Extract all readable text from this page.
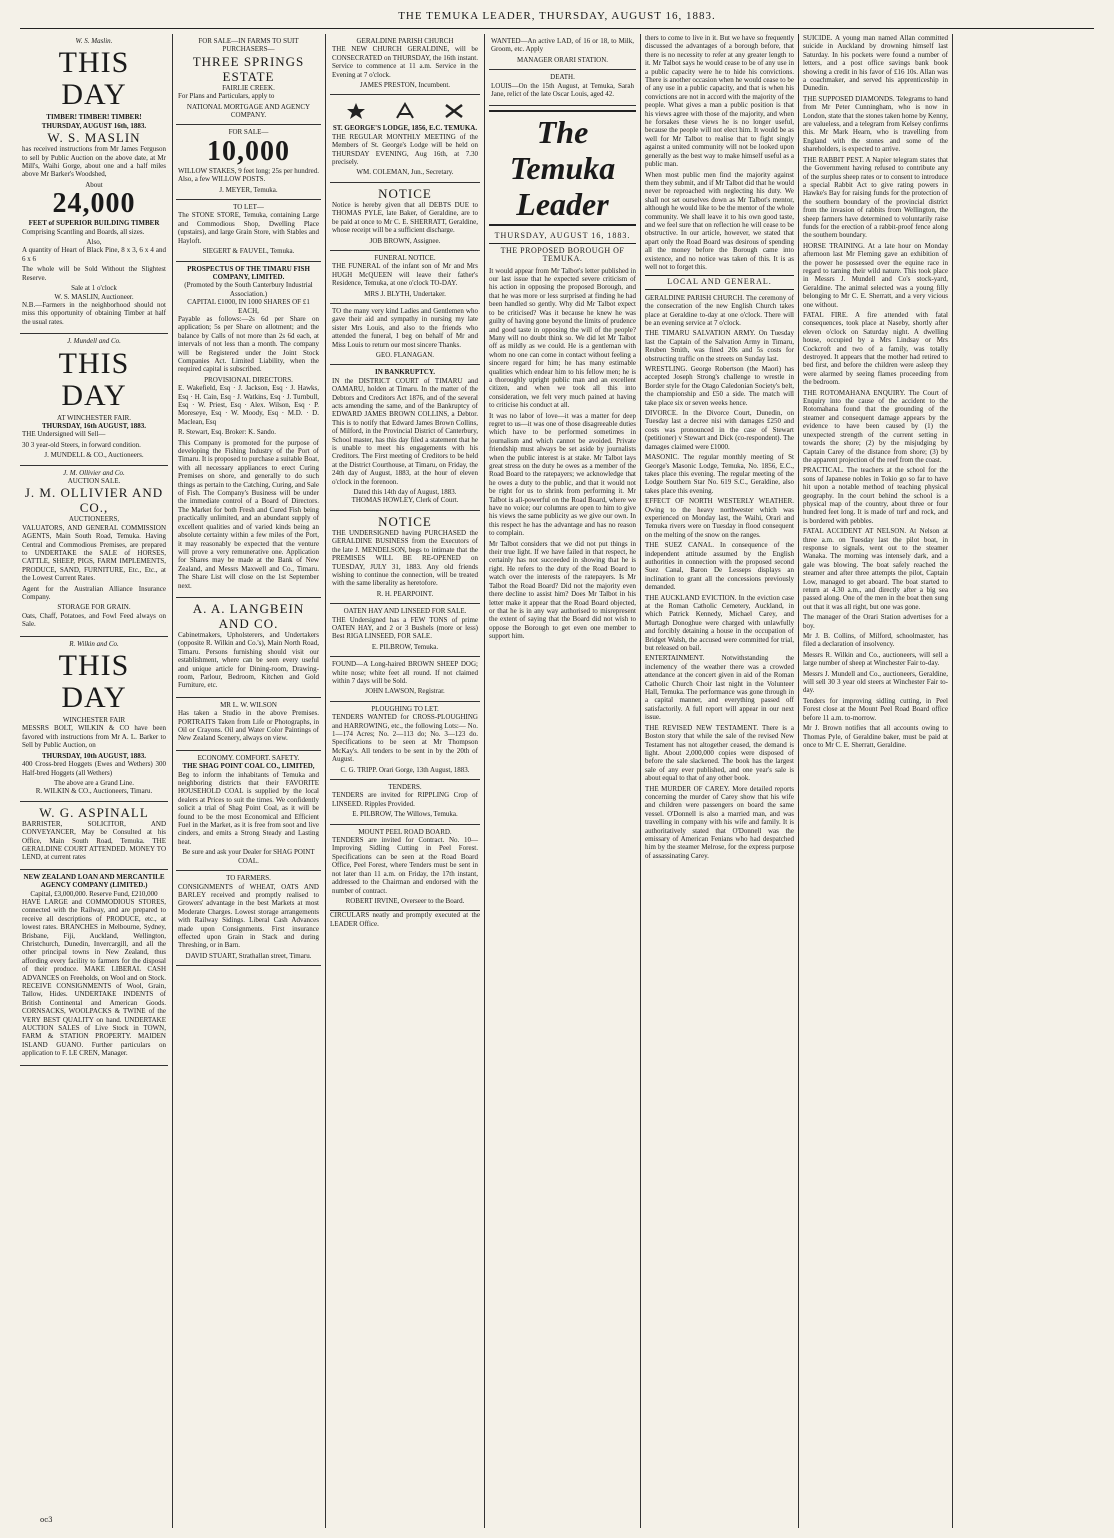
THE TEMUKA LEADER, THURSDAY, AUGUST 16, 1883.
W. S. Maslin.
THIS DAY
TIMBER! TIMBER! TIMBER!
THURSDAY, AUGUST 16th, 1883.
W. S. MASLIN

has received instructions from Mr James Ferguson to sell by Public Auction on the above date, at Mr Mill's, Waihi Gorge, about one and a half miles above Mr Barker's Woodshed,

About
24,000
FEET of SUPERIOR BUILDING TIMBER

Comprising Scantling and Boards, all sizes.

Also,

A quantity of Heart of Black Pine, 8 x 3, 6 x 4 and 6 x 6

The whole will be Sold Without the Slightest Reserve.

Sale at 1 o'clock
W. S. MASLIN, Auctioneer.

N.B.—Farmers in the neighborhood should not miss this opportunity of obtaining Timber at half the usual rates.

J. Mundell and Co.
THIS DAY
AT WINCHESTER FAIR.
THURSDAY, 16th AUGUST, 1883.

THE Undersigned will Sell—

30 3 year-old Steers, in forward condition.

J. MUNDELL & CO., Auctioneers.
J. M. Ollivier and Co.
AUCTION SALE.
J. M. OLLIVIER AND CO.,
AUCTIONEERS,

VALUATORS, AND GENERAL COMMISSION AGENTS, Main South Road, Temuka. Having Central and Commodious Premises, are prepared to UNDERTAKE the SALE of HORSES, CATTLE, SHEEP, PIGS, FARM IMPLEMENTS, PRODUCE, SAND, FURNITURE, Etc., Etc., at the Lowest Current Rates.

Agent for the Australian Alliance Insurance Company.

STORAGE FOR GRAIN.

Oats, Chaff, Potatoes, and Fowl Feed always on Sale.

R. Wilkin and Co.
THIS DAY
WINCHESTER FAIR

MESSRS BOLT, WILKIN & CO have been favored with instructions from Mr A. L. Barker to Sell by Public Auction, on

THURSDAY, 10th AUGUST, 1883.

400 Cross-bred Hoggets (Ewes and Wethers) 300 Half-bred Hoggets (all Wethers)

The above are a Grand Line.
R. WILKIN & CO., Auctioneers, Timaru.
W. G. ASPINALL

BARRISTER, SOLICITOR, AND CONVEYANCER, May be Consulted at his Office, Main South Road, Temuka. THE GERALDINE COURT ATTENDED. MONEY TO LEND, at current rates

NEW ZEALAND LOAN AND MERCANTILE AGENCY COMPANY (LIMITED.)
Capital, £3,000,000. Reserve Fund, £210,000

HAVE LARGE and COMMODIOUS STORES, connected with the Railway, and are prepared to receive all descriptions of PRODUCE, etc., at lowest rates. BRANCHES in Melbourne, Sydney, Brisbane, Fiji, Auckland, Wellington, Christchurch, Dunedin, Invercargill, and all the other principal towns in New Zealand, thus affording every facility to farmers for the disposal of their produce. MAKE LIBERAL CASH ADVANCES on Freeholds, on Wool and on Stock. RECEIVE CONSIGNMENTS of Wool, Grain, Tallow, Hides. UNDERTAKE INDENTS of British Continental and American Goods. CORNSACKS, WOOLPACKS & TWINE of the VERY BEST QUALITY on hand. UNDERTAKE AUCTION SALES of Live Stock in TOWN, FARM & STATION PROPERTY. MAIDEN ISLAND GUANO. Further particulars on application to F. LE CREN, Manager.

FOR SALE—IN FARMS TO SUIT PURCHASERS—
THREE SPRINGS ESTATE
FAIRLIE CREEK.

For Plans and Particulars, apply to

NATIONAL MORTGAGE AND AGENCY COMPANY.
FOR SALE—
10,000

WILLOW STAKES, 9 feet long; 25s per hundred. Also, a few WILLOW POSTS.

J. MEYER, Temuka.
TO LET—

The STONE STORE, Temuka, containing Large and Commodious Shop, Dwelling Place (upstairs), and large Grain Store, with Stables and Hayloft.

SIEGERT & FAUVEL, Temuka.
PROSPECTUS OF THE TIMARU FISH COMPANY, LIMITED.
(Promoted by the South Canterbury Industrial Association.)
CAPITAL £1000, IN 1000 SHARES OF £1 EACH,

Payable as follows:—2s 6d per Share on application; 5s per Share on allotment; and the balance by Calls of not more than 2s 6d each, at intervals of not less than a month. The company will be Registered under the Joint Stock Companies Act. Limited Liability, when the required capital is subscribed.

PROVISIONAL DIRECTORS.

E. Wakefield, Esq · J. Jackson, Esq · J. Hawks, Esq · H. Cain, Esq · J. Watkins, Esq · J. Turnbull, Esq · W. Priest, Esq · Alex. Wilson, Esq · P. Moreseye, Esq · W. Moody, Esq · M.D. · D. Maclean, Esq

R. Stewart, Esq. Broker: K. Sando.

This Company is promoted for the purpose of developing the Fishing Industry of the Port of Timaru. It is proposed to purchase a suitable Boat, with all necessary appliances to erect Curing Premises on shore, and generally to do such things as pertain to the Catching, Curing, and Sale of Fish. The Company's Business will be under the immediate control of a Board of Directors. The Market for both Fresh and Cured Fish being practically unlimited, and an abundant supply of excellent qualities and of varied kinds being an absolute certainty within a few miles of the Port, it may reasonably be expected that the venture will prove a very remunerative one. Application for Shares may be made at the Bank of New Zealand, and Messrs Maxwell and Co., Timaru. The Share List will close on the 1st September next.

A. A. LANGBEIN AND CO.

Cabinetmakers, Upholsterers, and Undertakers (opposite R. Wilkin and Co.'s), Main North Road, Timaru. Persons furnishing should visit our establishment, where can be seen every useful and unique article for Dining-room, Drawing-room, Parlour, Bedroom, Kitchen and Gold Furniture, etc.

MR L. W. WILSON

Has taken a Studio in the above Premises. PORTRAITS Taken from Life or Photographs, in Oil or Crayons. Oil and Water Color Paintings of New Zealand Scenery, always on view.

ECONOMY. COMFORT. SAFETY.
THE SHAG POINT COAL CO., LIMITED,

Beg to inform the inhabitants of Temuka and neighboring districts that their FAVORITE HOUSEHOLD COAL is supplied by the local dealers at Prices to suit the times. We confidently solicit a trial of Shag Point Coal, as it will be found to be the most Economical and Efficient Fuel in the Market, as it is free from soot and live cinders, and emits a Strong Steady and Lasting heat.

Be sure and ask your Dealer for SHAG POINT COAL.
TO FARMERS.

CONSIGNMENTS of WHEAT, OATS AND BARLEY received and promptly realised to Growers' advantage in the best Markets at most Moderate Charges. Lowest storage arrangements with Railway Sidings. Liberal Cash Advances made upon Consignments. First insurance effected upon Grain in Stack and during Threshing, or in Barn.

DAVID STUART, Strathallan street, Timaru.
GERALDINE PARISH CHURCH

THE NEW CHURCH GERALDINE, will be CONSECRATED on THURSDAY, the 16th instant. Service to commence at 11 a.m. Service in the Evening at 7 o'clock.

JAMES PRESTON, Incumbent.
ST. GEORGE'S LODGE, 1856, E.C. TEMUKA.

THE REGULAR MONTHLY MEETING of the Members of St. George's Lodge will be held on THURSDAY EVENING, Aug 16th, at 7.30 precisely.

WM. COLEMAN, Jun., Secretary.
NOTICE

Notice is hereby given that all DEBTS DUE to THOMAS PYLE, late Baker, of Geraldine, are to be paid at once to Mr C. E. SHERRATT, Geraldine, whose receipt will be a sufficient discharge.

JOB BROWN, Assignee.
FUNERAL NOTICE.

THE FUNERAL of the infant son of Mr and Mrs HUGH McQUEEN will leave their father's Residence, Temuka, at one o'clock TO-DAY.

MRS J. BLYTH, Undertaker.

TO the many very kind Ladies and Gentlemen who gave their aid and sympathy in nursing my late sister Mrs Louis, and also to the friends who attended the funeral, I beg on behalf of Mr and Miss Louis to return our most sincere Thanks.

GEO. FLANAGAN.
IN BANKRUPTCY.

IN the DISTRICT COURT of TIMARU and OAMARU, holden at Timaru. In the matter of the Debtors and Creditors Act 1876, and of the several acts amending the same, and of the Bankruptcy of EDWARD JAMES BROWN COLLINS, a Debtor. This is to notify that Edward James Brown Collins, of Milford, in the Provincial District of Canterbury, School master, has this day filed a statement that he is unable to meet his engagements with his Creditors. The First meeting of Creditors to be held at the District Courthouse, at Timaru, on Friday, the 24th day of August, 1883, at the hour of eleven o'clock in the forenoon.

Dated this 14th day of August, 1883.
THOMAS HOWLEY, Clerk of Court.
NOTICE

THE UNDERSIGNED having PURCHASED the GERALDINE BUSINESS from the Executors of the late J. MENDELSON, begs to intimate that the PREMISES WILL BE RE-OPENED on TUESDAY, JULY 31, 1883. Any old friends wishing to continue the connection, will be treated with the same liberality as heretofore.

R. H. PEARPOINT.
OATEN HAY AND LINSEED FOR SALE.

THE Undersigned has a FEW TONS of prime OATEN HAY, and 2 or 3 Bushels (more or less) Best RIGA LINSEED, FOR SALE.

E. PILBROW, Temuka.

FOUND—A Long-haired BROWN SHEEP DOG; white nose; white feet all round. If not claimed within 7 days will be Sold.

JOHN LAWSON, Registrar.
PLOUGHING TO LET.

TENDERS WANTED for CROSS-PLOUGHING and HARROWING, etc., the following Lots:— No. 1—174 Acres; No. 2—113 do; No. 3—123 do. Specifications to be seen at Mr Thompson McKay's. All tenders to be sent in by the 20th of August.

C. G. TRIPP. Orari Gorge, 13th August, 1883.
TENDERS.

TENDERS are invited for RIPPLING Crop of LINSEED. Ripples Provided.

E. PILBROW, The Willows, Temuka.
MOUNT PEEL ROAD BOARD.

TENDERS are invited for Contract. No. 10—Improving Sidling Cutting in Peel Forest. Specifications can be seen at the Road Board Office, Peel Forest, where Tenders must be sent in not later than 11 a.m. on Friday, the 17th instant, addressed to the Chairman and endorsed with the number of contract.

ROBERT IRVINE, Overseer to the Board.

CIRCULARS neatly and promptly executed at the LEADER Office.

WANTED—An active LAD, of 16 or 18, to Milk, Groom, etc. Apply

MANAGER ORARI STATION.
DEATH.

LOUIS—On the 15th August, at Temuka, Sarah Jane, relict of the late Oscar Louis, aged 42.

The Temuka Leader
THURSDAY, AUGUST 16, 1883.
THE PROPOSED BOROUGH OF TEMUKA.

It would appear from Mr Talbot's letter published in our last issue that he expected severe criticism of his action in opposing the proposed Borough, and that he was more or less surprised at finding he had been handled so gently. Why did Mr Talbot expect to be criticised? Was it because he knew he was guilty of having gone beyond the limits of prudence and good taste in opposing the will of the people? Many will no doubt think so. We did let Mr Talbot off as mildly as we could. He is a gentleman with whom no one can come in contact without feeling a sincere regard for him; he has many estimable qualities which endear him to his fellow men; he is a thoroughly upright public man and an excellent citizen, and when we took all this into consideration, we felt very much pained at having to criticise his conduct at all.

It was no labor of love—it was a matter for deep regret to us—it was one of those disagreeable duties which have to be performed sometimes in journalism and which cannot be avoided. Private friendship must always be set aside by journalists when the public interest is at stake. Mr Talbot lays great stress on the duty he owes as a member of the Road Board to the ratepayers; we acknowledge that he owes a duty to the public, and that it would not be right for us to shrink from performing it. Mr Talbot is all-powerful on the Road Board, where we have no voice; our columns are open to him to give his views the same publicity as we give our own. In this respect he has the advantage and has no reason to complain.

Mr Talbot considers that we did not put things in their true light. If we have failed in that respect, he certainly has not succeeded in showing that he is right. He refers to the duty of the Road Board to watch over the interests of the ratepayers. Is Mr Talbot the Road Board? Did not the majority even there decline to assist him? Does Mr Talbot in his letter make it appear that the Road Board objected, or that he is in any way authorised to misrepresent the extent of saying that the Board did not wish to oppose the Borough to get even one member to support him.

thers to come to live in it. But we have so frequently discussed the advantages of a borough before, that there is no necessity to refer at any greater length to it. Mr Talbot says he would cease to be of any use in a public capacity were he to hide his convictions. There is another occasion when he would cease to be of any use in a public capacity, and that is when his convictions are not in accord with the majority of the people. What gives a man a public position is that his views agree with those of the majority, and when he forsakes these views he is no longer useful, because the people will not elect him. It would be as well for Mr Talbot to realise that to fight singly against a united community will not be looked upon generally as the best way to make himself useful as a public man.

When most public men find the majority against them they submit, and if Mr Talbot did that he would never be reproached with neglecting his duty. We shall not set ourselves down as Mr Talbot's mentor, although he would like to be the mentor of the whole community. We shall leave it to his own good taste, and we feel sure that on reflection he will cease to be obstructive. In our article, however, we stated that apart only the Road Board was desirous of spending all the money before the Borough came into existence, and no notice was taken of this. It is as well not to forget this.

LOCAL AND GENERAL.

GERALDINE PARISH CHURCH. The ceremony of the consecration of the new English Church takes place at Geraldine to-day at one o'clock. There will be an evening service at 7 o'clock.

THE TIMARU SALVATION ARMY. On Tuesday last the Captain of the Salvation Army in Timaru, Reuben Smith, was fined 20s and 5s costs for obstructing traffic on the streets on Sunday last.

WRESTLING. George Robertson (the Maori) has accepted Joseph Strong's challenge to wrestle in Border style for the Otago Caledonian Society's belt, the championship and £50 a side. The match will take place six or seven weeks hence.

DIVORCE. In the Divorce Court, Dunedin, on Tuesday last a decree nisi with damages £250 and costs was pronounced in the case of Stewart (petitioner) v Stewart and Dick (co-respondent). The damages claimed were £1000.

MASONIC. The regular monthly meeting of St George's Masonic Lodge, Temuka, No. 1856, E.C., takes place this evening. The regular meeting of the Lodge Southern Star No. 619 S.C., Geraldine, also takes place this evening.

EFFECT OF NORTH WESTERLY WEATHER. Owing to the heavy northwester which was experienced on Monday last, the Waihi, Orari and Temuka rivers were on Tuesday in flood consequent on the melting of the snow on the ranges.

THE SUEZ CANAL. In consequence of the independent attitude assumed by the English authorities in connection with the proposed second Suez Canal, Baron De Lesseps displays an inclination to grant all the concessions previously demanded.

THE AUCKLAND EVICTION. In the eviction case at the Roman Catholic Cemetery, Auckland, in which Patrick Kennedy, Michael Carey, and Murtagh Donoghue were charged with unlawfully and forcibly detaining a house in the occupation of Bridget Walsh, the accused were committed for trial, but released on bail.

ENTERTAINMENT. Notwithstanding the inclemency of the weather there was a crowded attendance at the concert given in aid of the Roman Catholic Church Choir last night in the Volunteer Hall, Temuka. The performance was gone through in a capital manner, and everything passed off satisfactorily. A full report will appear in our next issue.

THE REVISED NEW TESTAMENT. There is a Boston story that while the sale of the revised New Testament has not altogether ceased, the demand is light. About 2,000,000 copies were disposed of before the sale slackened. The book has the largest sale of any ever published, and one year's sale is about equal to that of any other book.

THE MURDER OF CAREY. More detailed reports concerning the murder of Carey show that his wife and children were passengers on board the same vessel. O'Donnell is also a married man, and was travelling in company with his wife and family. It is authoritatively stated that O'Donnell was the emissary of American Fenians who had despatched him by the steamer Melrose, for the express purpose of assassinating Carey.

SUICIDE. A young man named Allan committed suicide in Auckland by drowning himself last Saturday. In his pockets were found a number of letters, and a post office savings bank book showing a credit in his favor of £16 10s. Allan was a coachmaker, and served his apprenticeship in Dunedin.

THE SUPPOSED DIAMONDS. Telegrams to hand from Mr Peter Cunningham, who is now in London, state that the stones taken home by Kenny, are valueless, and a telegram from Kelsey confirms this. Mr Mark Hearn, who is travelling from England with the stones and some of the shareholders, is expected to arrive.

THE RABBIT PEST. A Napier telegram states that the Government having refused to contribute any of the surplus sheep rates or to consent to introduce a special Rabbit Act to give rating powers in Hawke's Bay for raising funds for the protection of the southern boundary of the provincial district from the invasion of rabbits from Wellington, the sheep farmers have determined to voluntarily raise funds for the erection of a rabbit-proof fence along the southern boundary.

HORSE TRAINING. At a late hour on Monday afternoon last Mr Fleming gave an exhibition of the power he possessed over the equine race in regard to taming their wild nature. This took place in Messrs J. Mundell and Co's stock-yard, Geraldine. The animal selected was a young filly belonging to Mr C. E. Sherratt, and a very vicious one without.

FATAL FIRE. A fire attended with fatal consequences, took place at Naseby, shortly after eleven o'clock on Saturday night. A dwelling house, occupied by a Mrs Lindsay or Mrs Cockcroft and two of a family, was totally destroyed. It appears that the mother had retired to bed first, and before the children were asleep they were alarmed by seeing flames proceeding from the bedroom.

THE ROTOMAHANA ENQUIRY. The Court of Enquiry into the cause of the accident to the Rotomahana found that the grounding of the steamer and consequent damage appears by the evidence to have been caused by (1) the unexpected strength of the current setting in towards the shore; (2) by the misjudging by Captain Carey of the distance from shore; (3) by the apparent projection of the reef from the coast.

PRACTICAL. The teachers at the school for the sons of Japanese nobles in Tokio go so far to have hit upon a notable method of teaching physical geography. In the court behind the school is a physical map of the country, about three or four hundred feet long. It is made of turf and rock, and is bordered with pebbles.

FATAL ACCIDENT AT NELSON. At Nelson at three a.m. on Tuesday last the pilot boat, in response to signals, went out to the steamer Wanaka. The morning was intensely dark, and a gale was blowing. The boat safely reached the steamer and after three attempts the pilot, Captain Low, managed to get aboard. The boat started to return at 4.30 a.m., and directly after a big sea passed along. One of the men in the boat then sung out that it was all right, but one was gone.

The manager of the Orari Station advertises for a boy.

Mr J. B. Collins, of Milford, schoolmaster, has filed a declaration of insolvency.

Messrs R. Wilkin and Co., auctioneers, will sell a large number of sheep at Winchester Fair to-day.

Messrs J. Mundell and Co., auctioneers, Geraldine, will sell 30 3 year old steers at Winchester Fair to-day.

Tenders for improving sidling cutting, in Peel Forest close at the Mount Peel Road Board office before 11 a.m. to-morrow.

Mr J. Brown notifies that all accounts owing to Thomas Pyle, of Geraldine baker, must be paid at once to Mr C. E. Sherratt, Geraldine.

oc3
